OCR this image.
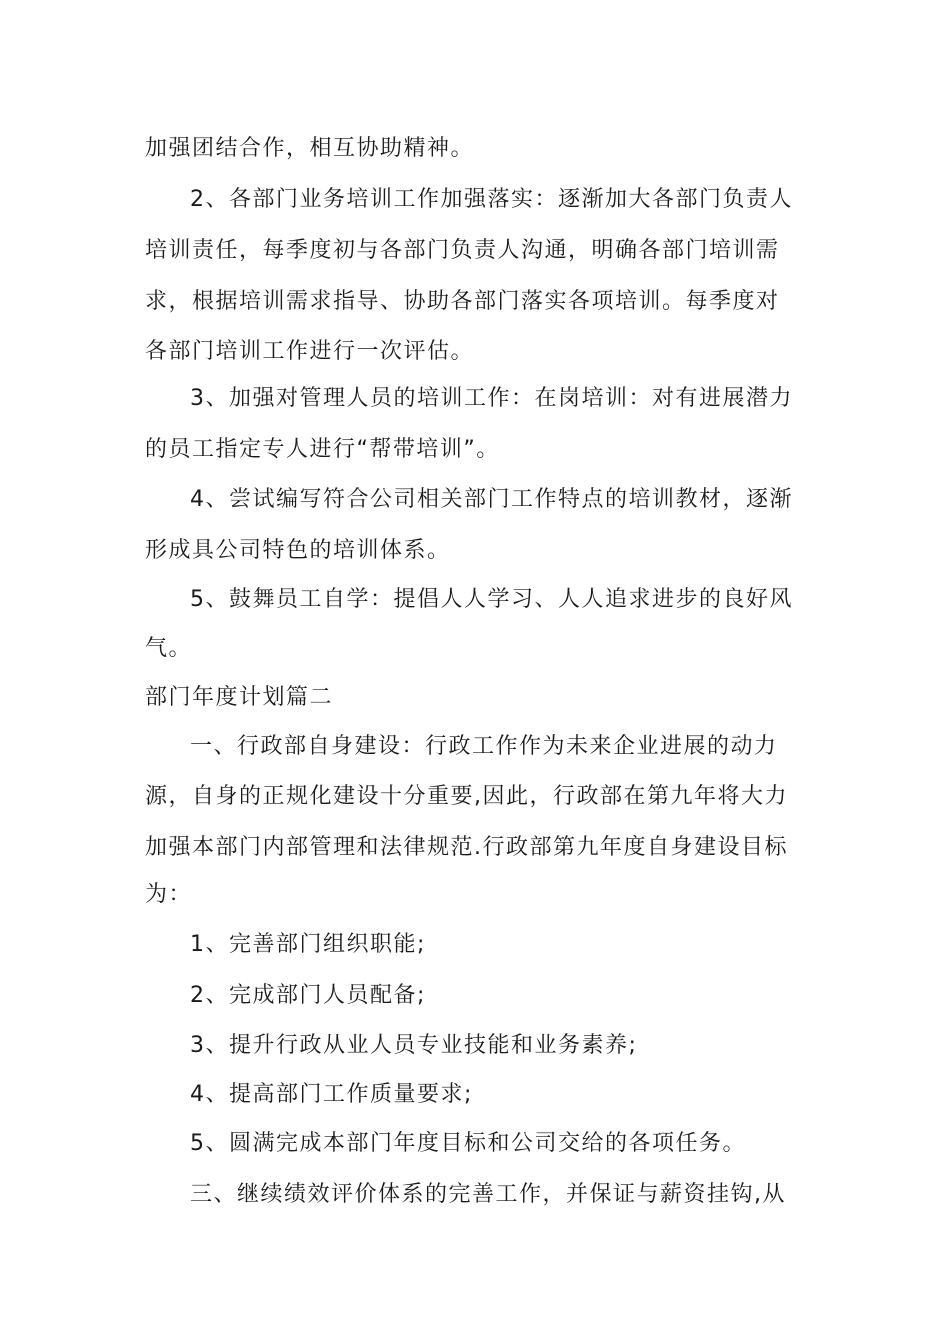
加强团结合作，相互协助精神。
2、各部门业务培训工作加强落实：逐渐加大各部门负责人
培训责任，每季度初与各部门负责人沟通，明确各部门培训需
求，根据培训需求指导、协助各部门落实各项培训。每季度对
各部门培训工作进行一次评估。
3、加强对管理人员的培训工作：在岗培训：对有进展潜力
的员工指定专人进行“帮带培训”。
4、尝试编写符合公司相关部门工作特点的培训教材，逐渐
形成具公司特色的培训体系。
5、鼓舞员工自学：提倡人人学习、人人追求进步的良好风
气。
部门年度计划篇二
一、行政部自身建设：行政工作作为未来企业进展的动力
源，自身的正规化建设十分重要,因此，行政部在第九年将大力
加强本部门内部管理和法律规范.行政部第九年度自身建设目标
为：
1、完善部门组织职能;
2、完成部门人员配备;
3、提升行政从业人员专业技能和业务素养;
4、提高部门工作质量要求;
5、圆满完成本部门年度目标和公司交给的各项任务。
三、继续绩效评价体系的完善工作，并保证与薪资挂钩,从
